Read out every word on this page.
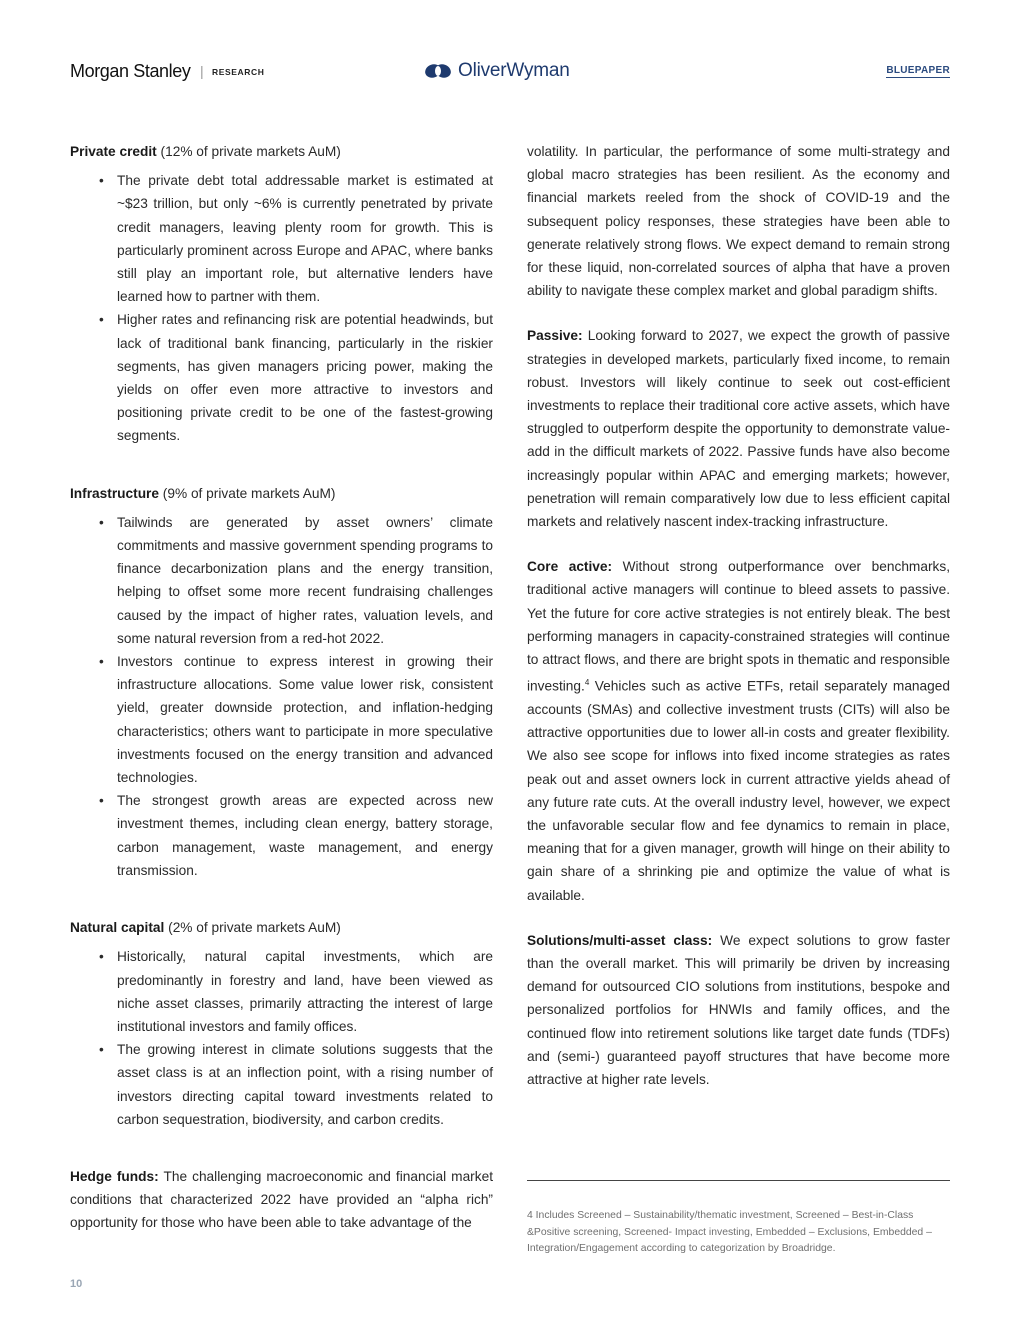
Morgan Stanley | RESEARCH	OliverWyman	BLUEPAPER

Private credit (12% of private markets AuM)

• The private debt total addressable market is estimated at ~$23 trillion, but only ~6% is currently penetrated by private credit managers, leaving plenty room for growth. This is particularly prominent across Europe and APAC, where banks still play an important role, but alternative lenders have learned how to partner with them.
• Higher rates and refinancing risk are potential headwinds, but lack of traditional bank financing, particularly in the riskier segments, has given managers pricing power, making the yields on offer even more attractive to investors and positioning private credit to be one of the fastest-growing segments.

Infrastructure (9% of private markets AuM)

• Tailwinds are generated by asset owners’ climate commitments and massive government spending programs to finance decarbonization plans and the energy transition, helping to offset some more recent fundraising challenges caused by the impact of higher rates, valuation levels, and some natural reversion from a red-hot 2022.
• Investors continue to express interest in growing their infrastructure allocations. Some value lower risk, consistent yield, greater downside protection, and inflation-hedging characteristics; others want to participate in more speculative investments focused on the energy transition and advanced technologies.
• The strongest growth areas are expected across new investment themes, including clean energy, battery storage, carbon management, waste management, and energy transmission.

Natural capital (2% of private markets AuM)

• Historically, natural capital investments, which are predominantly in forestry and land, have been viewed as niche asset classes, primarily attracting the interest of large institutional investors and family offices.
• The growing interest in climate solutions suggests that the asset class is at an inflection point, with a rising number of investors directing capital toward investments related to carbon sequestration, biodiversity, and carbon credits.

Hedge funds: The challenging macroeconomic and financial market conditions that characterized 2022 have provided an “alpha rich” opportunity for those who have been able to take advantage of the

volatility. In particular, the performance of some multi-strategy and global macro strategies has been resilient. As the economy and financial markets reeled from the shock of COVID-19 and the subsequent policy responses, these strategies have been able to generate relatively strong flows. We expect demand to remain strong for these liquid, non-correlated sources of alpha that have a proven ability to navigate these complex market and global paradigm shifts.

Passive: Looking forward to 2027, we expect the growth of passive strategies in developed markets, particularly fixed income, to remain robust. Investors will likely continue to seek out cost-efficient investments to replace their traditional core active assets, which have struggled to outperform despite the opportunity to demonstrate value-add in the difficult markets of 2022. Passive funds have also become increasingly popular within APAC and emerging markets; however, penetration will remain comparatively low due to less efficient capital markets and relatively nascent index-tracking infrastructure.

Core active: Without strong outperformance over benchmarks, traditional active managers will continue to bleed assets to passive. Yet the future for core active strategies is not entirely bleak. The best performing managers in capacity-constrained strategies will continue to attract flows, and there are bright spots in thematic and responsible investing.$^4$ Vehicles such as active ETFs, retail separately managed accounts (SMAs) and collective investment trusts (CITs) will also be attractive opportunities due to lower all-in costs and greater flexibility. We also see scope for inflows into fixed income strategies as rates peak out and asset owners lock in current attractive yields ahead of any future rate cuts. At the overall industry level, however, we expect the unfavorable secular flow and fee dynamics to remain in place, meaning that for a given manager, growth will hinge on their ability to gain share of a shrinking pie and optimize the value of what is available.

Solutions/multi-asset class: We expect solutions to grow faster than the overall market. This will primarily be driven by increasing demand for outsourced CIO solutions from institutions, bespoke and personalized portfolios for HNWIs and family offices, and the continued flow into retirement solutions like target date funds (TDFs) and (semi-) guaranteed payoff structures that have become more attractive at higher rate levels.

4 Includes Screened – Sustainability/thematic investment, Screened – Best-in-Class &Positive screening, Screened- Impact investing, Embedded – Exclusions, Embedded – Integration/Engagement according to categorization by Broadridge.
10
